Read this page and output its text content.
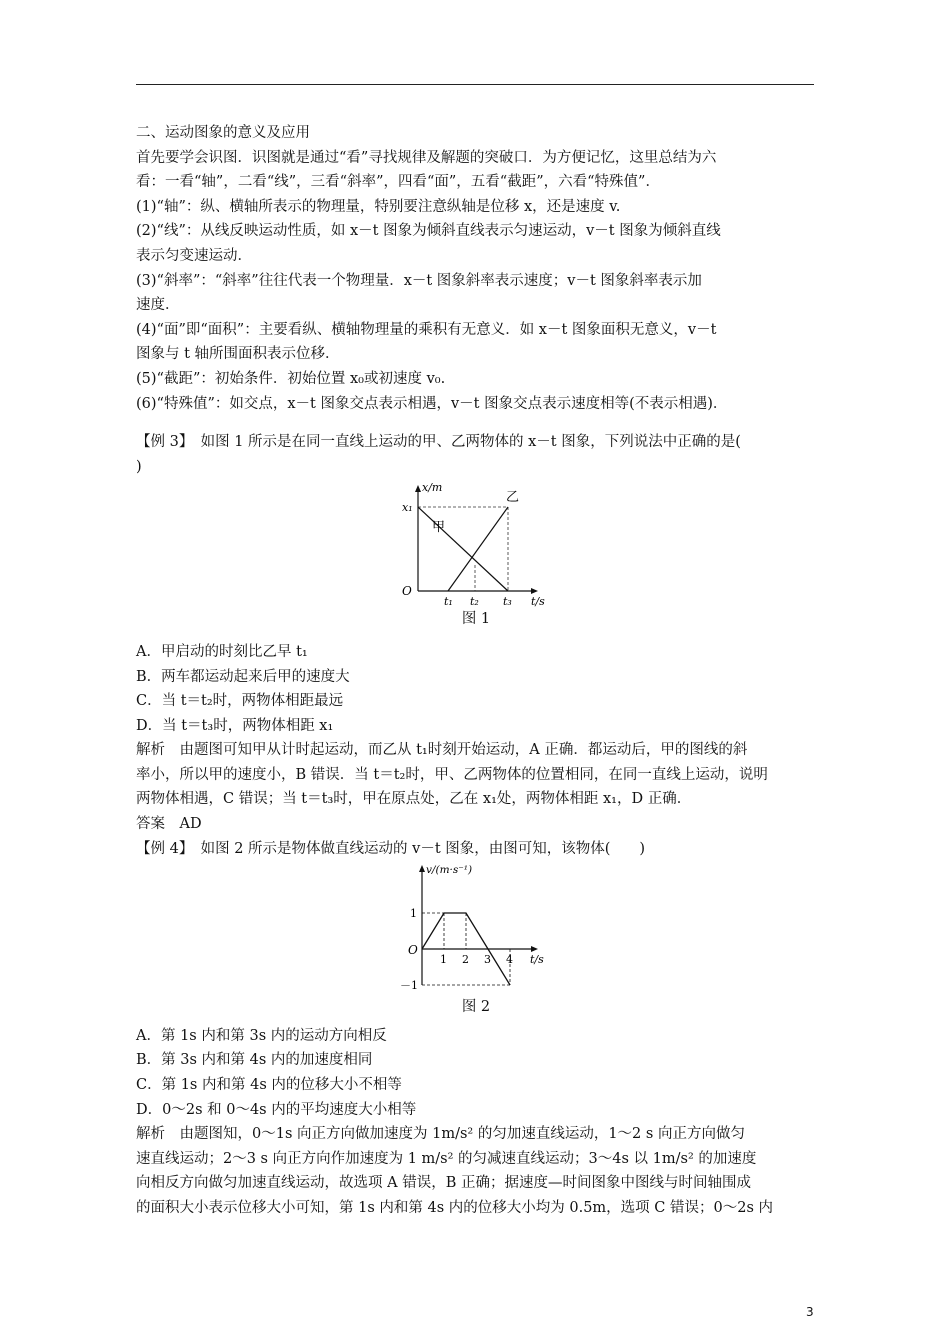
二、运动图象的意义及应用

首先要学会识图．识图就是通过“看”寻找规律及解题的突破口．为方便记忆，这里总结为六

看：一看“轴”，二看“线”，三看“斜率”，四看“面”，五看“截距”，六看“特殊值”．

(1)“轴”：纵、横轴所表示的物理量，特别要注意纵轴是位移 x，还是速度 v.

(2)“线”：从线反映运动性质，如 x－t 图象为倾斜直线表示匀速运动，v－t 图象为倾斜直线

表示匀变速运动．

(3)“斜率”：“斜率”往往代表一个物理量．x－t 图象斜率表示速度；v－t 图象斜率表示加

速度．

(4)“面”即“面积”：主要看纵、横轴物理量的乘积有无意义．如 x－t 图象面积无意义，v－t

图象与 t 轴所围面积表示位移．

(5)“截距”：初始条件．初始位置 x₀或初速度 v₀.

(6)“特殊值”：如交点，x－t 图象交点表示相遇，v－t 图象交点表示速度相等(不表示相遇)．

【例 3】　如图 1 所示是在同一直线上运动的甲、乙两物体的 x－t 图象，下列说法中正确的是(

)

x/m
t/s
O
x₁
t₁ t₂ t₃
甲
乙

图 1

A．甲启动的时刻比乙早 t₁

B．两车都运动起来后甲的速度大

C．当 t＝t₂时，两物体相距最远

D．当 t＝t₃时，两物体相距 x₁

解析　由题图可知甲从计时起运动，而乙从 t₁时刻开始运动，A 正确．都运动后，甲的图线的斜

率小，所以甲的速度小，B 错误．当 t＝t₂时，甲、乙两物体的位置相同，在同一直线上运动，说明

两物体相遇，C 错误；当 t＝t₃时，甲在原点处，乙在 x₁处，两物体相距 x₁，D 正确．

答案　AD

【例 4】　如图 2 所示是物体做直线运动的 v－t 图象，由图可知，该物体(　　)

v/(m·s⁻¹)
t/s
O
1
－1
1 2 3 4

图 2

A．第 1s 内和第 3s 内的运动方向相反

B．第 3s 内和第 4s 内的加速度相同

C．第 1s 内和第 4s 内的位移大小不相等

D．0～2s 和 0～4s 内的平均速度大小相等

解析　由题图知，0～1s 向正方向做加速度为 1m/s² 的匀加速直线运动，1～2 s 向正方向做匀

速直线运动；2～3 s 向正方向作加速度为 1 m/s² 的匀减速直线运动；3～4s 以 1m/s² 的加速度

向相反方向做匀加速直线运动，故选项 A 错误，B 正确；据速度—时间图象中图线与时间轴围成

的面积大小表示位移大小可知，第 1s 内和第 4s 内的位移大小均为 0.5m，选项 C 错误；0～2s 内

3
